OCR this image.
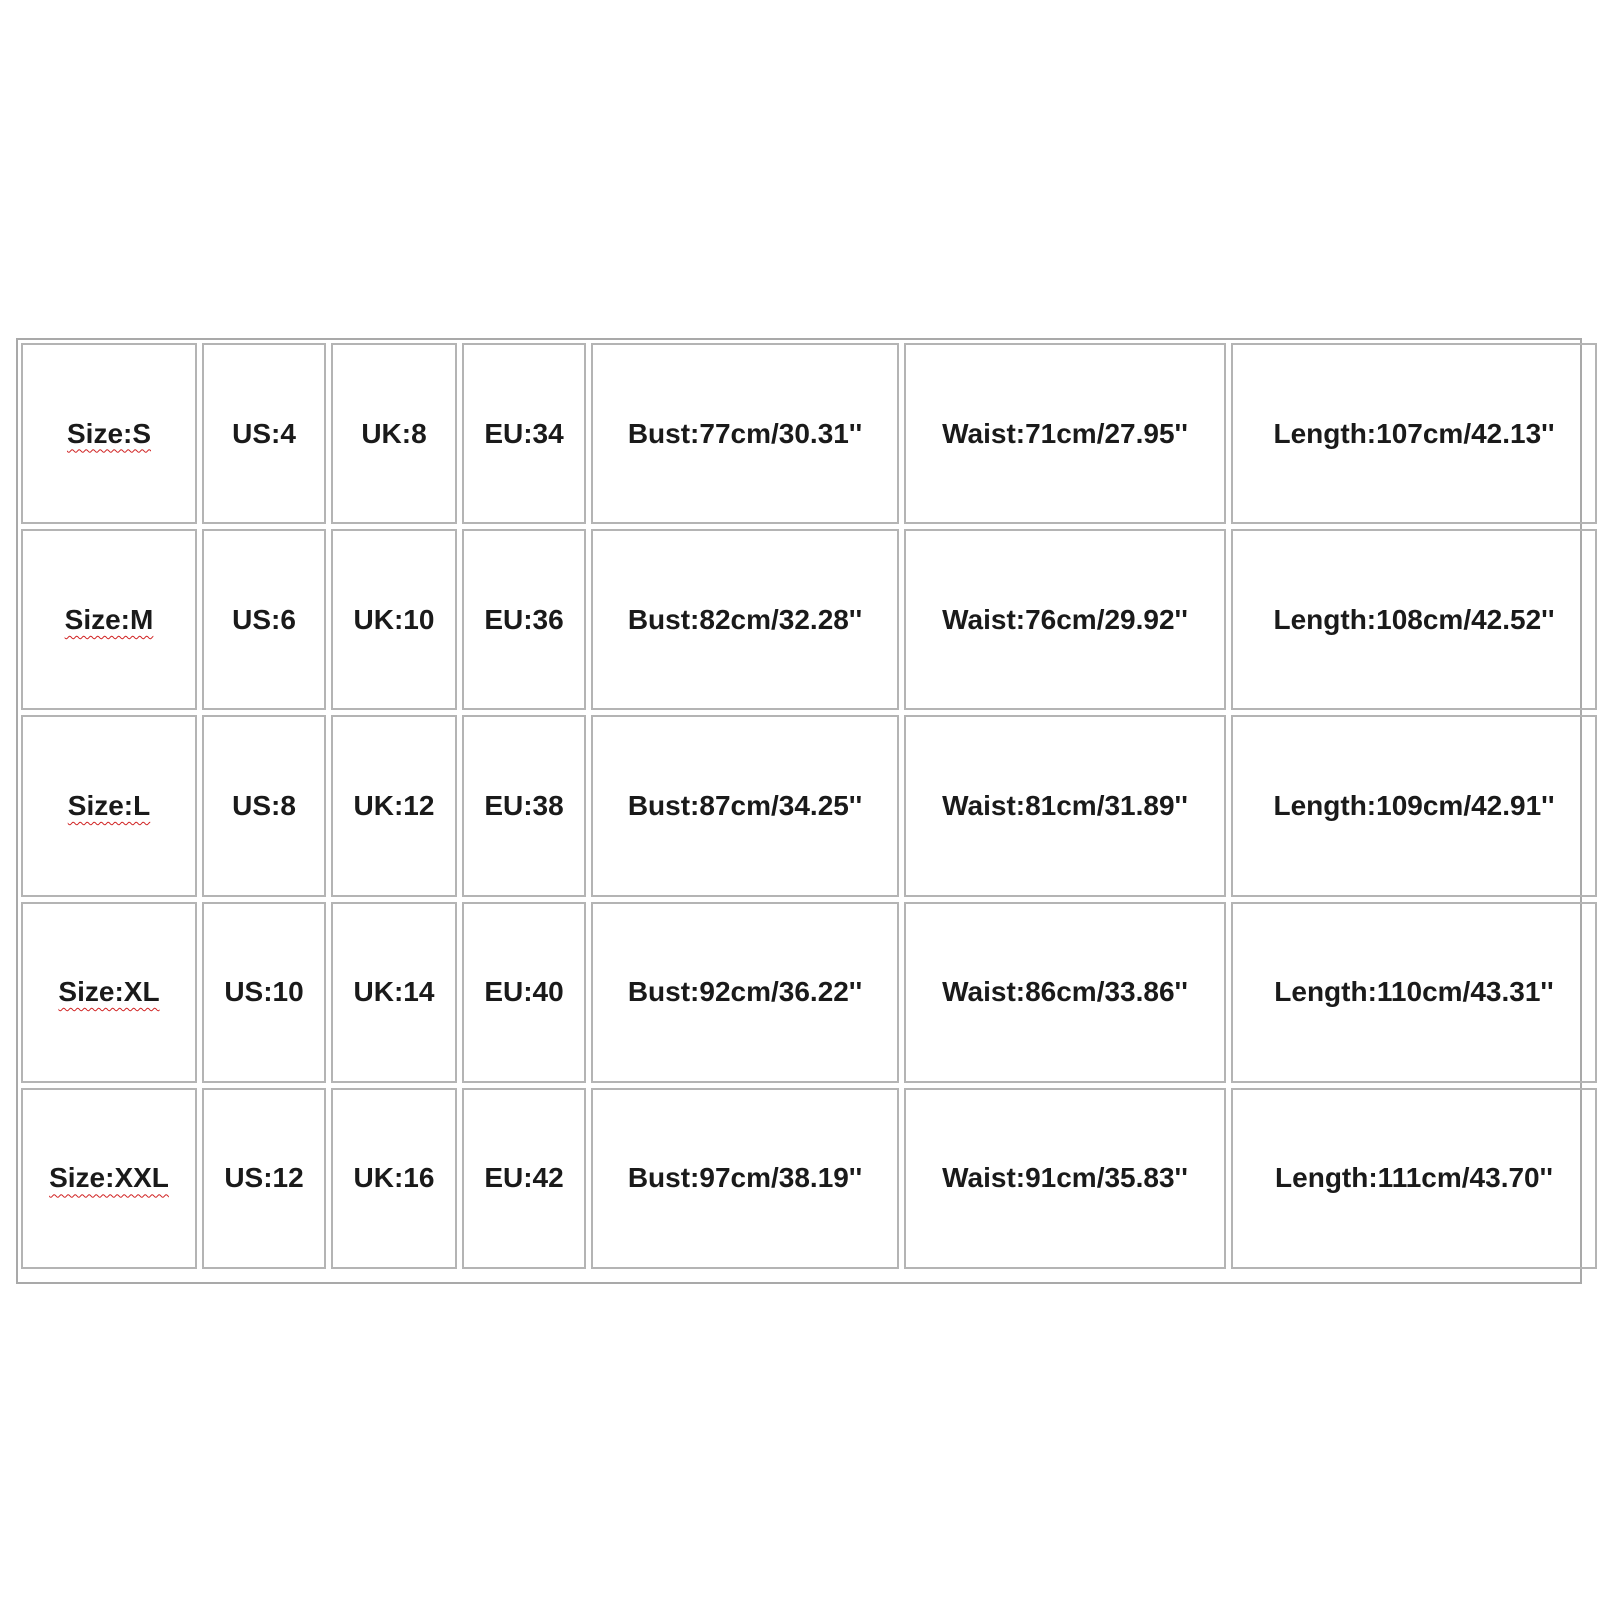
Size:S	US:4	UK:8	EU:34	Bust:77cm/30.31''	Waist:71cm/27.95''	Length:107cm/42.13''
Size:M	US:6	UK:10	EU:36	Bust:82cm/32.28''	Waist:76cm/29.92''	Length:108cm/42.52''
Size:L	US:8	UK:12	EU:38	Bust:87cm/34.25''	Waist:81cm/31.89''	Length:109cm/42.91''
Size:XL	US:10	UK:14	EU:40	Bust:92cm/36.22''	Waist:86cm/33.86''	Length:110cm/43.31''
Size:XXL	US:12	UK:16	EU:42	Bust:97cm/38.19''	Waist:91cm/35.83''	Length:111cm/43.70''
